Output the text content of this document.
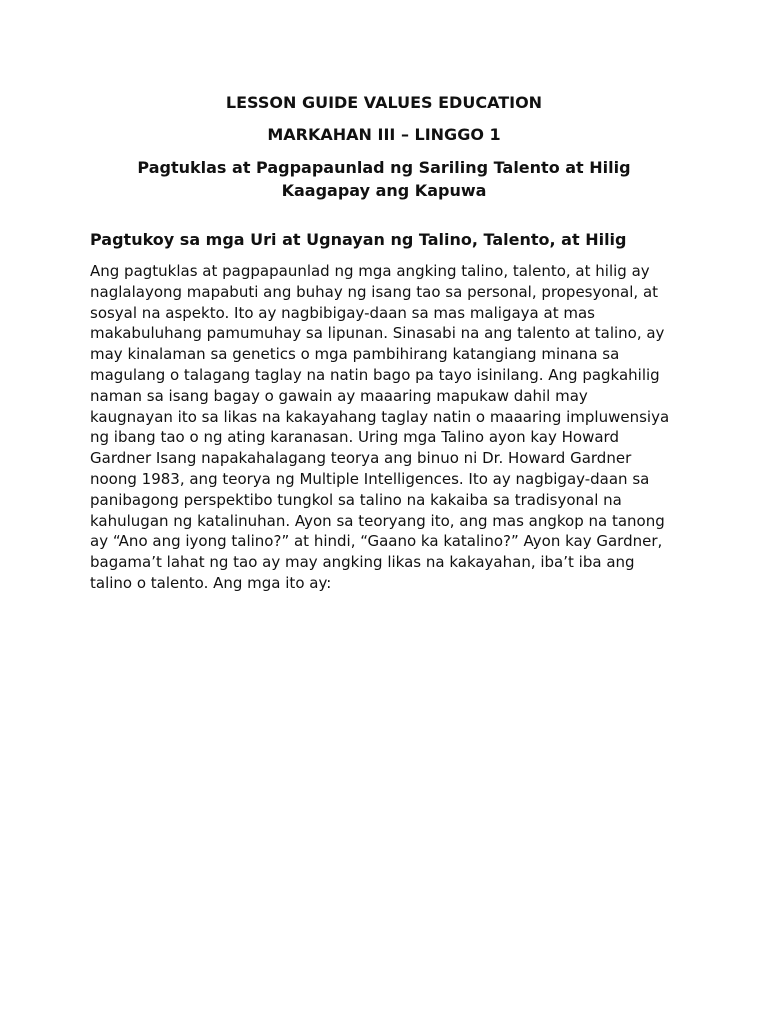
LESSON GUIDE VALUES EDUCATION
MARKAHAN III – LINGGO 1
Pagtuklas at Pagpapaunlad ng Sariling Talento at Hilig
Kaagapay ang Kapuwa
Pagtukoy sa mga Uri at Ugnayan ng Talino, Talento, at Hilig
Ang pagtuklas at pagpapaunlad ng mga angking talino, talento, at hilig ay
naglalayong mapabuti ang buhay ng isang tao sa personal, propesyonal, at
sosyal na aspekto. Ito ay nagbibigay-daan sa mas maligaya at mas
makabuluhang pamumuhay sa lipunan. Sinasabi na ang talento at talino, ay
may kinalaman sa genetics o mga pambihirang katangiang minana sa
magulang o talagang taglay na natin bago pa tayo isinilang. Ang pagkahilig
naman sa isang bagay o gawain ay maaaring mapukaw dahil may
kaugnayan ito sa likas na kakayahang taglay natin o maaaring impluwensiya
ng ibang tao o ng ating karanasan. Uring mga Talino ayon kay Howard
Gardner Isang napakahalagang teorya ang binuo ni Dr. Howard Gardner
noong 1983, ang teorya ng Multiple Intelligences. Ito ay nagbigay-daan sa
panibagong perspektibo tungkol sa talino na kakaiba sa tradisyonal na
kahulugan ng katalinuhan. Ayon sa teoryang ito, ang mas angkop na tanong
ay “Ano ang iyong talino?” at hindi, “Gaano ka katalino?” Ayon kay Gardner,
bagama’t lahat ng tao ay may angking likas na kakayahan, iba’t iba ang
talino o talento. Ang mga ito ay:
